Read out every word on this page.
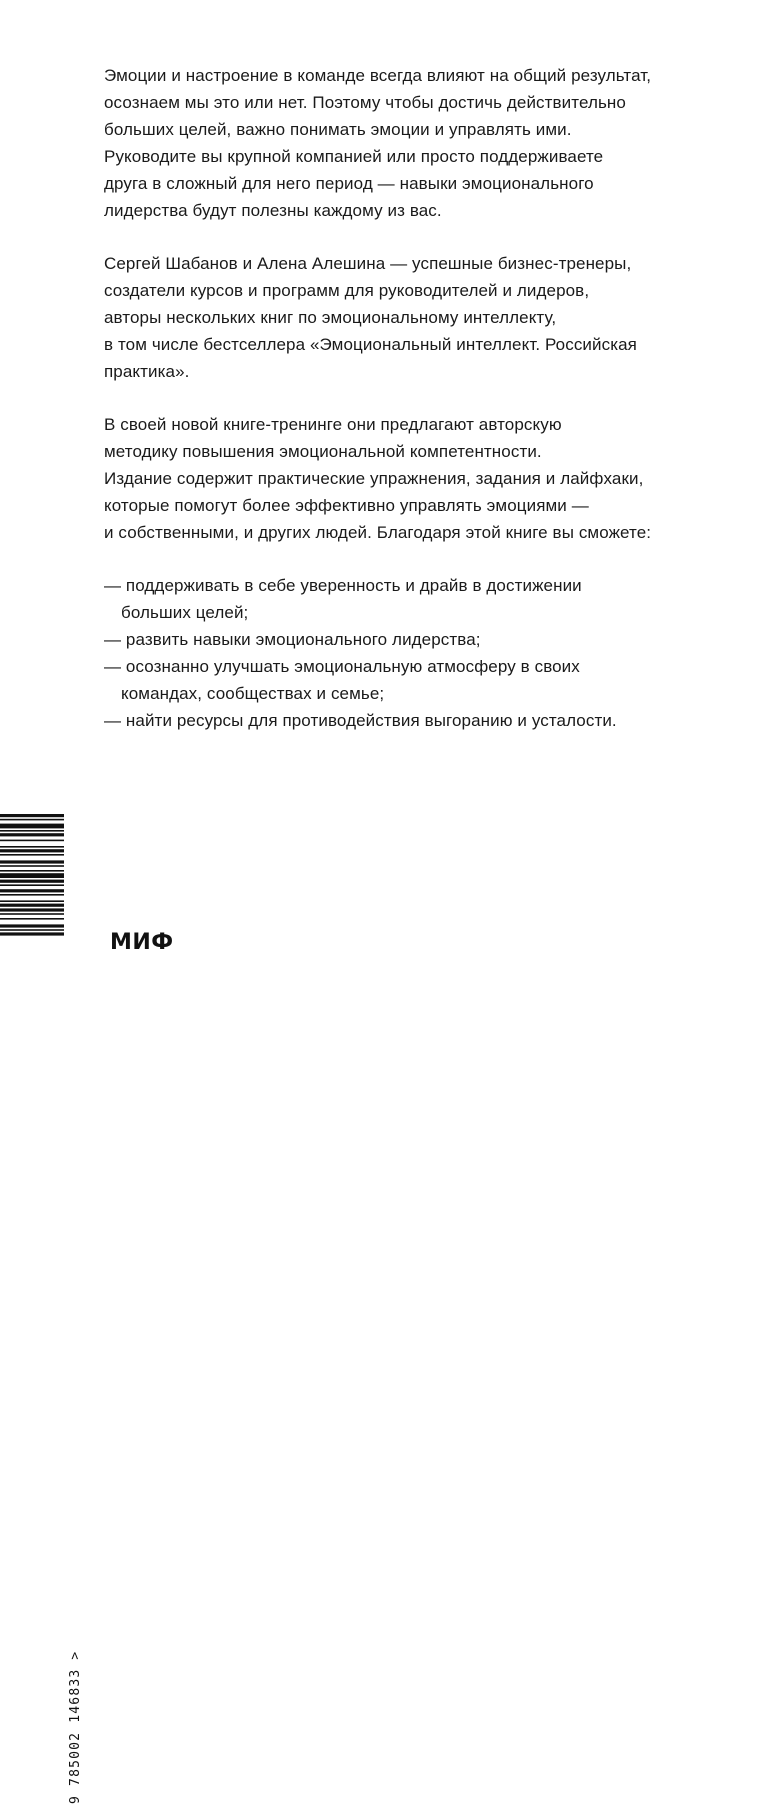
Эмоции и настроение в команде всегда влияют на общий результат,
осознаем мы это или нет. Поэтому чтобы достичь действительно
больших целей, важно понимать эмоции и управлять ими.
Руководите вы крупной компанией или просто поддерживаете
друга в сложный для него период — навыки эмоционального
лидерства будут полезны каждому из вас.
Сергей Шабанов и Алена Алешина — успешные бизнес-тренеры,
создатели курсов и программ для руководителей и лидеров,
авторы нескольких книг по эмоциональному интеллекту,
в том числе бестселлера «Эмоциональный интеллект. Российская
практика».
В своей новой книге-тренинге они предлагают авторскую
методику повышения эмоциональной компетентности.
Издание содержит практические упражнения, задания и лайфхаки,
которые помогут более эффективно управлять эмоциями —
и собственными, и других людей. Благодаря этой книге вы сможете:
— поддерживать в себе уверенность и драйв в достижении
больших целей;
— развить навыки эмоционального лидерства;
— осознанно улучшать эмоциональную атмосферу в своих
командах, сообществах и семье;
— найти ресурсы для противодействия выгоранию и усталости.
9 785002 146833 >
МИФ
